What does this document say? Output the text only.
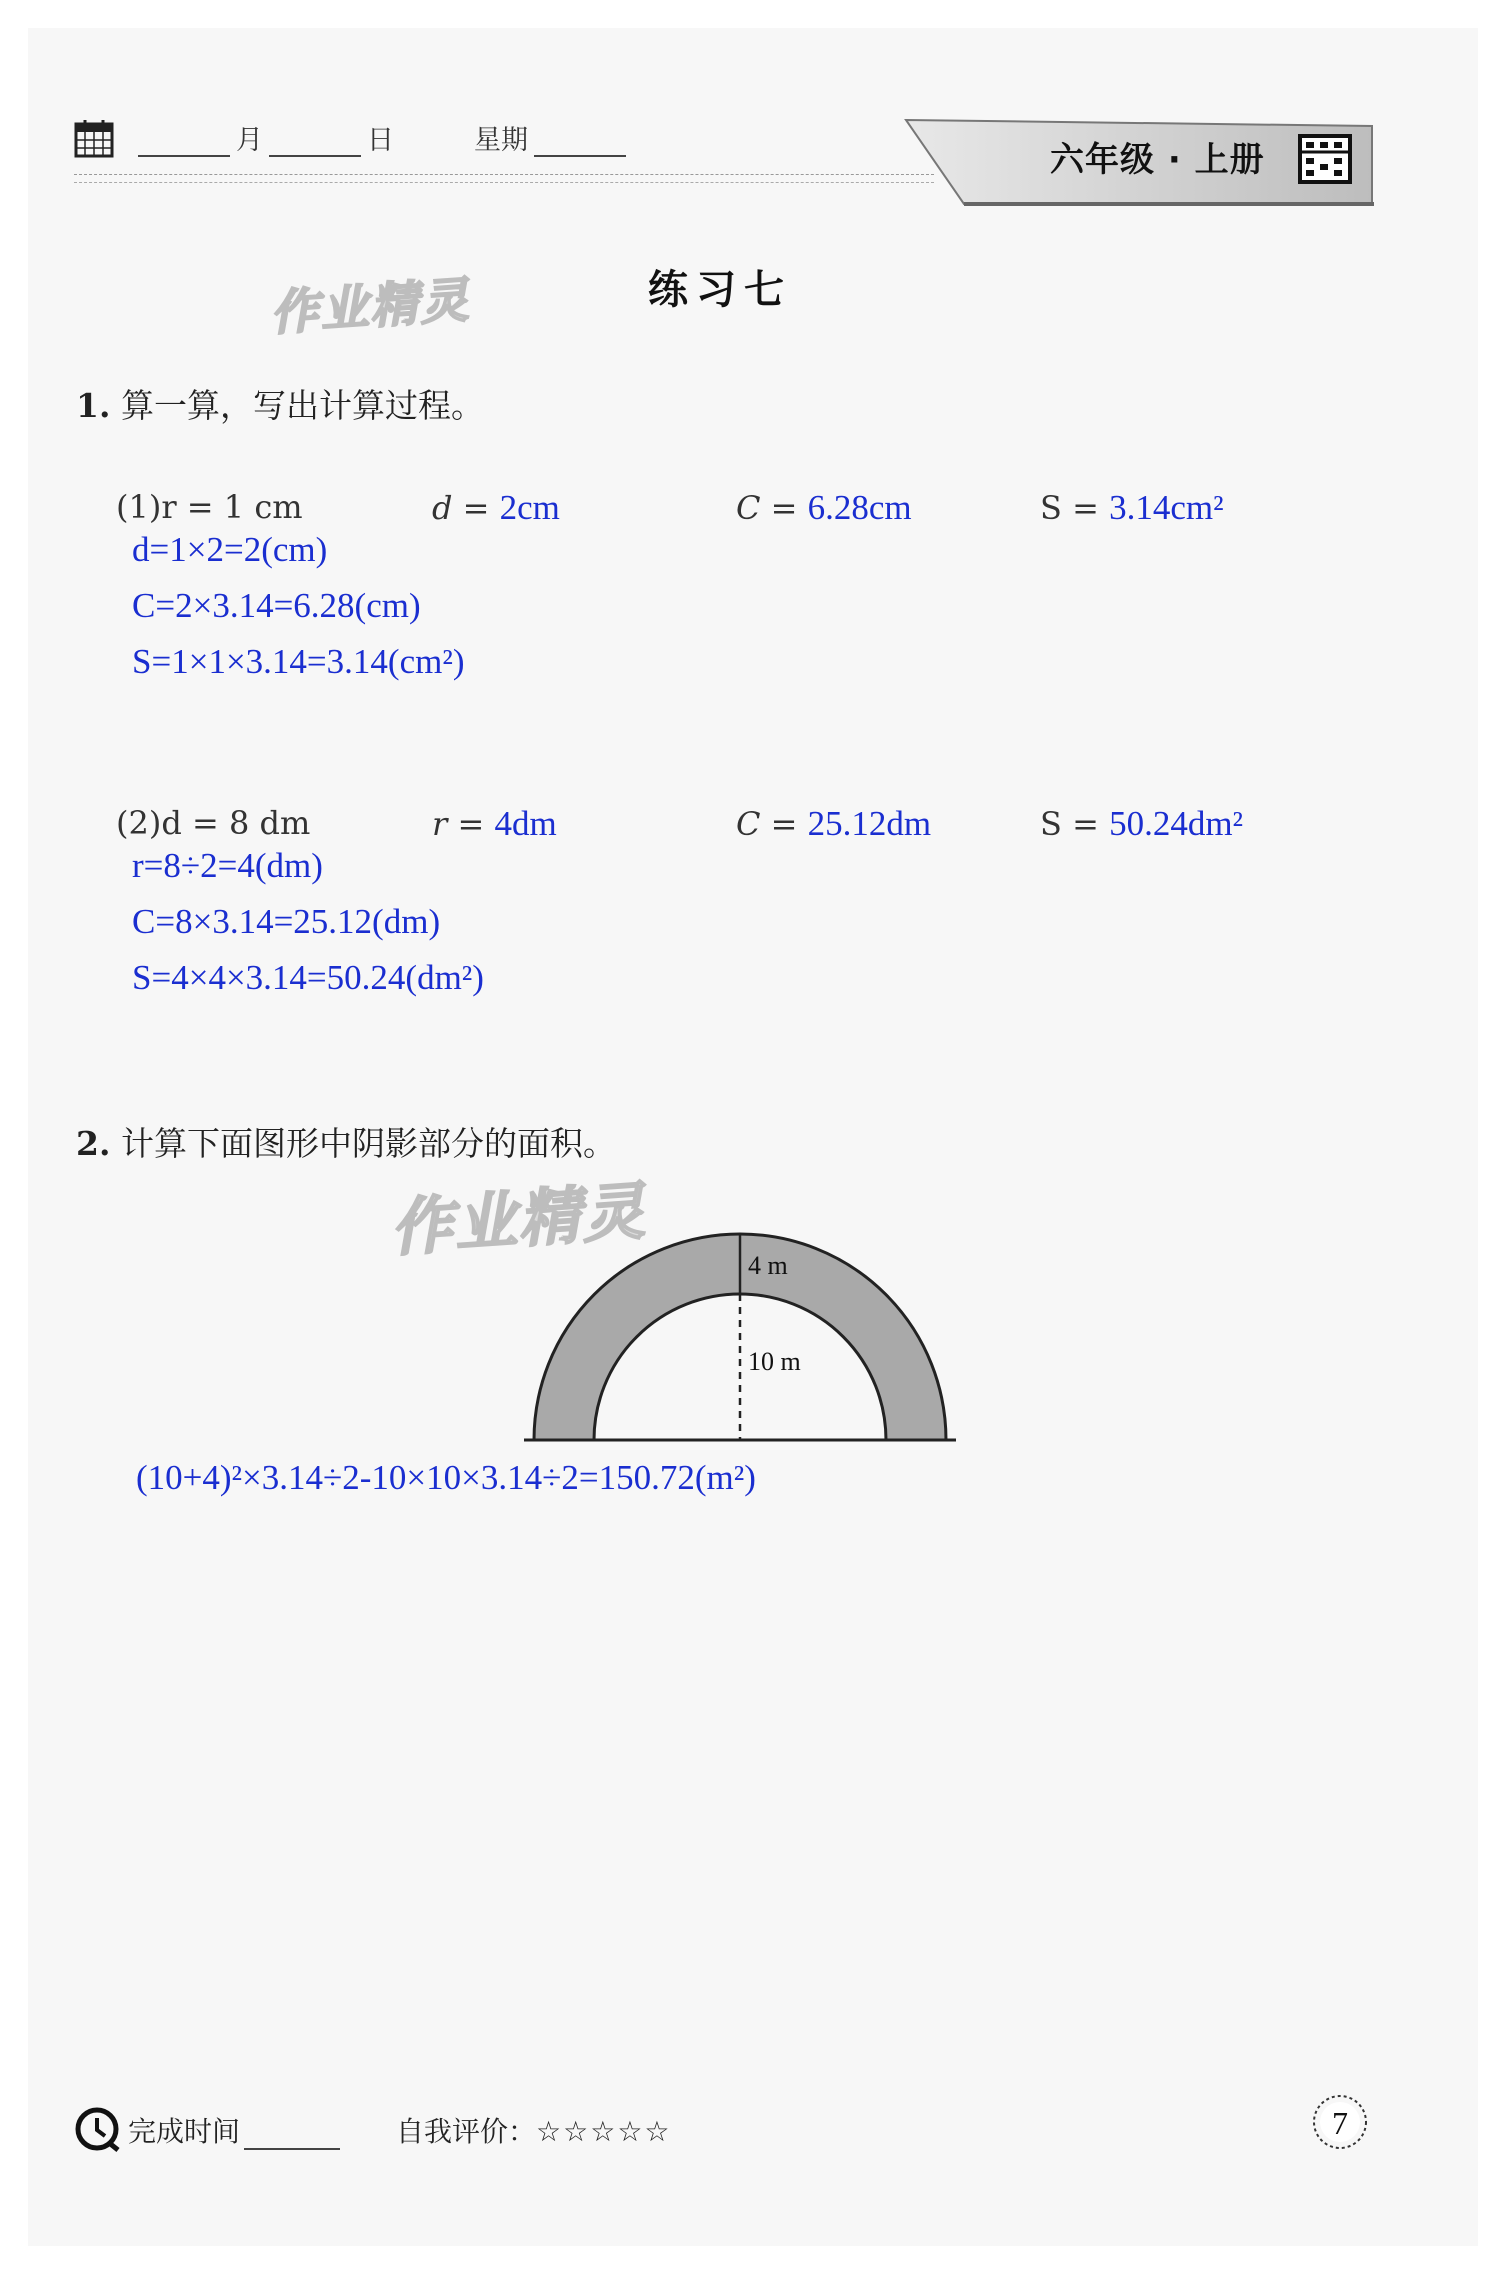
月	日	星期	六年级 · 上册
作业精灵
作业精灵
练习七
1. 算一算，写出计算过程。
(1)r = 1 cm	d = 2cm	C = 6.28cm	S = 3.14cm²
d=1×2=2(cm)
C=2×3.14=6.28(cm)
S=1×1×3.14=3.14(cm²)
(2)d = 8 dm	r = 4dm	C = 25.12dm	S = 50.24dm²
r=8÷2=4(dm)
C=8×3.14=25.12(dm)
S=4×4×3.14=50.24(dm²)
2. 计算下面图形中阴影部分的面积。
4 m
10 m
(10+4)²×3.14÷2-10×10×3.14÷2=150.72(m²)
完成时间	自我评价：☆☆☆☆☆	7
